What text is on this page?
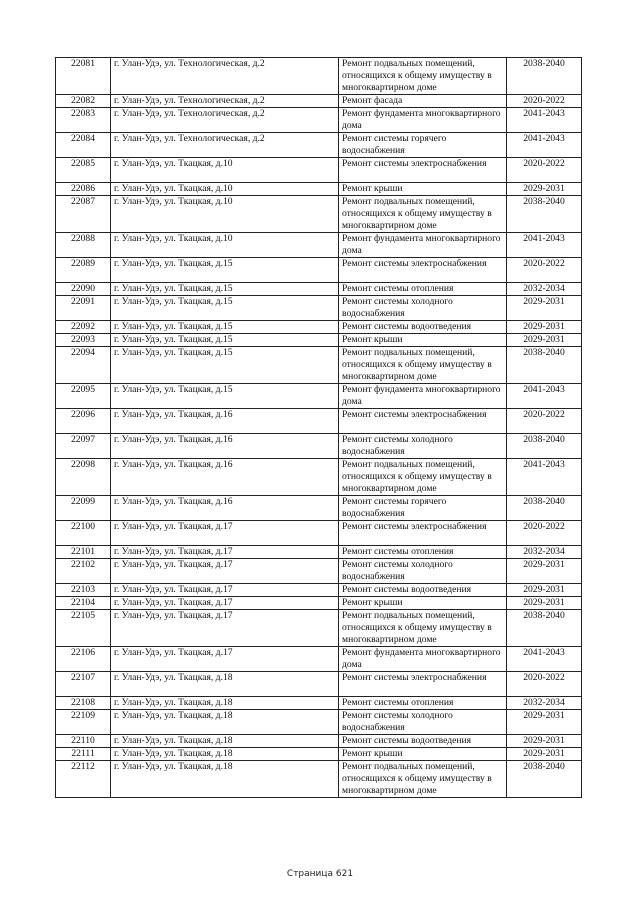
22081	г. Улан-Удэ, ул. Технологическая, д.2	Ремонт подвальных помещений, относящихся к общему имуществу в многоквартирном доме	2038-2040
22082	г. Улан-Удэ, ул. Технологическая, д.2	Ремонт фасада	2020-2022
22083	г. Улан-Удэ, ул. Технологическая, д.2	Ремонт фундамента многоквартирного дома	2041-2043
22084	г. Улан-Удэ, ул. Технологическая, д.2	Ремонт системы горячего водоснабжения	2041-2043
22085	г. Улан-Удэ, ул. Ткацкая, д.10	Ремонт системы электроснабжения	2020-2022
22086	г. Улан-Удэ, ул. Ткацкая, д.10	Ремонт крыши	2029-2031
22087	г. Улан-Удэ, ул. Ткацкая, д.10	Ремонт подвальных помещений, относящихся к общему имуществу в многоквартирном доме	2038-2040
22088	г. Улан-Удэ, ул. Ткацкая, д.10	Ремонт фундамента многоквартирного дома	2041-2043
22089	г. Улан-Удэ, ул. Ткацкая, д.15	Ремонт системы электроснабжения	2020-2022
22090	г. Улан-Удэ, ул. Ткацкая, д.15	Ремонт системы отопления	2032-2034
22091	г. Улан-Удэ, ул. Ткацкая, д.15	Ремонт системы холодного водоснабжения	2029-2031
22092	г. Улан-Удэ, ул. Ткацкая, д.15	Ремонт системы водоотведения	2029-2031
22093	г. Улан-Удэ, ул. Ткацкая, д.15	Ремонт крыши	2029-2031
22094	г. Улан-Удэ, ул. Ткацкая, д.15	Ремонт подвальных помещений, относящихся к общему имуществу в многоквартирном доме	2038-2040
22095	г. Улан-Удэ, ул. Ткацкая, д.15	Ремонт фундамента многоквартирного дома	2041-2043
22096	г. Улан-Удэ, ул. Ткацкая, д.16	Ремонт системы электроснабжения	2020-2022
22097	г. Улан-Удэ, ул. Ткацкая, д.16	Ремонт системы холодного водоснабжения	2038-2040
22098	г. Улан-Удэ, ул. Ткацкая, д.16	Ремонт подвальных помещений, относящихся к общему имуществу в многоквартирном доме	2041-2043
22099	г. Улан-Удэ, ул. Ткацкая, д.16	Ремонт системы горячего водоснабжения	2038-2040
22100	г. Улан-Удэ, ул. Ткацкая, д.17	Ремонт системы электроснабжения	2020-2022
22101	г. Улан-Удэ, ул. Ткацкая, д.17	Ремонт системы отопления	2032-2034
22102	г. Улан-Удэ, ул. Ткацкая, д.17	Ремонт системы холодного водоснабжения	2029-2031
22103	г. Улан-Удэ, ул. Ткацкая, д.17	Ремонт системы водоотведения	2029-2031
22104	г. Улан-Удэ, ул. Ткацкая, д.17	Ремонт крыши	2029-2031
22105	г. Улан-Удэ, ул. Ткацкая, д.17	Ремонт подвальных помещений, относящихся к общему имуществу в многоквартирном доме	2038-2040
22106	г. Улан-Удэ, ул. Ткацкая, д.17	Ремонт фундамента многоквартирного дома	2041-2043
22107	г. Улан-Удэ, ул. Ткацкая, д.18	Ремонт системы электроснабжения	2020-2022
22108	г. Улан-Удэ, ул. Ткацкая, д.18	Ремонт системы отопления	2032-2034
22109	г. Улан-Удэ, ул. Ткацкая, д.18	Ремонт системы холодного водоснабжения	2029-2031
22110	г. Улан-Удэ, ул. Ткацкая, д.18	Ремонт системы водоотведения	2029-2031
22111	г. Улан-Удэ, ул. Ткацкая, д.18	Ремонт крыши	2029-2031
22112	г. Улан-Удэ, ул. Ткацкая, д.18	Ремонт подвальных помещений, относящихся к общему имуществу в многоквартирном доме	2038-2040
Страница 621
